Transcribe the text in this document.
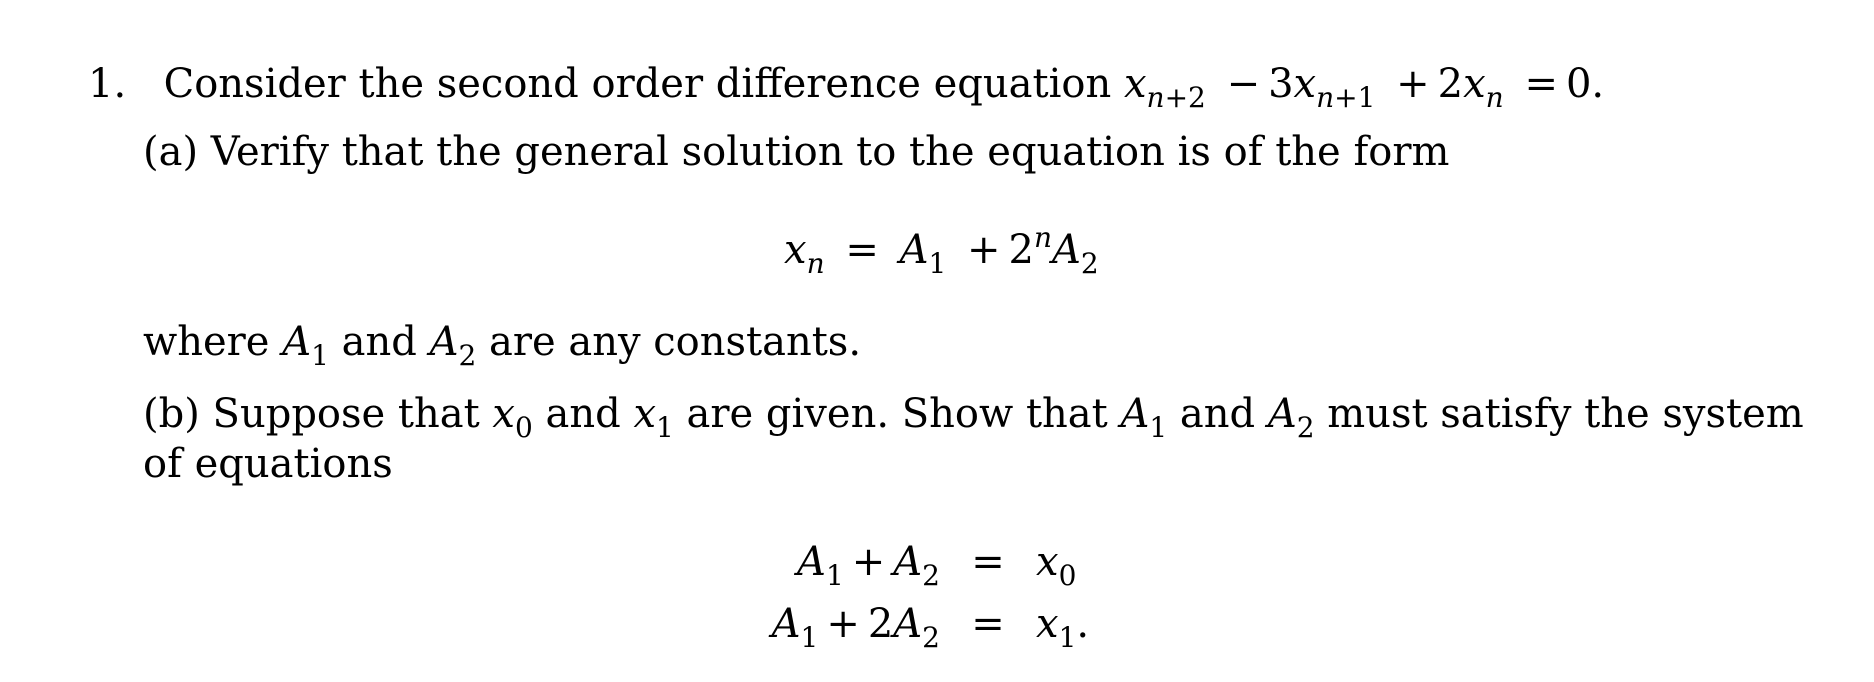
1. Consider the second order difference equation $x_{n+2} - 3x_{n+1} + 2x_n = 0$.
(a) Verify that the general solution to the equation is of the form
$x_n = A_1 + 2^nA_2$
where $A_1$ and $A_2$ are any constants.
(b) Suppose that $x_0$ and $x_1$ are given. Show that $A_1$ and $A_2$ must satisfy the system
of equations
$A_1 + A_2 = x_0$
$A_1 + 2A_2 = x_1$.
